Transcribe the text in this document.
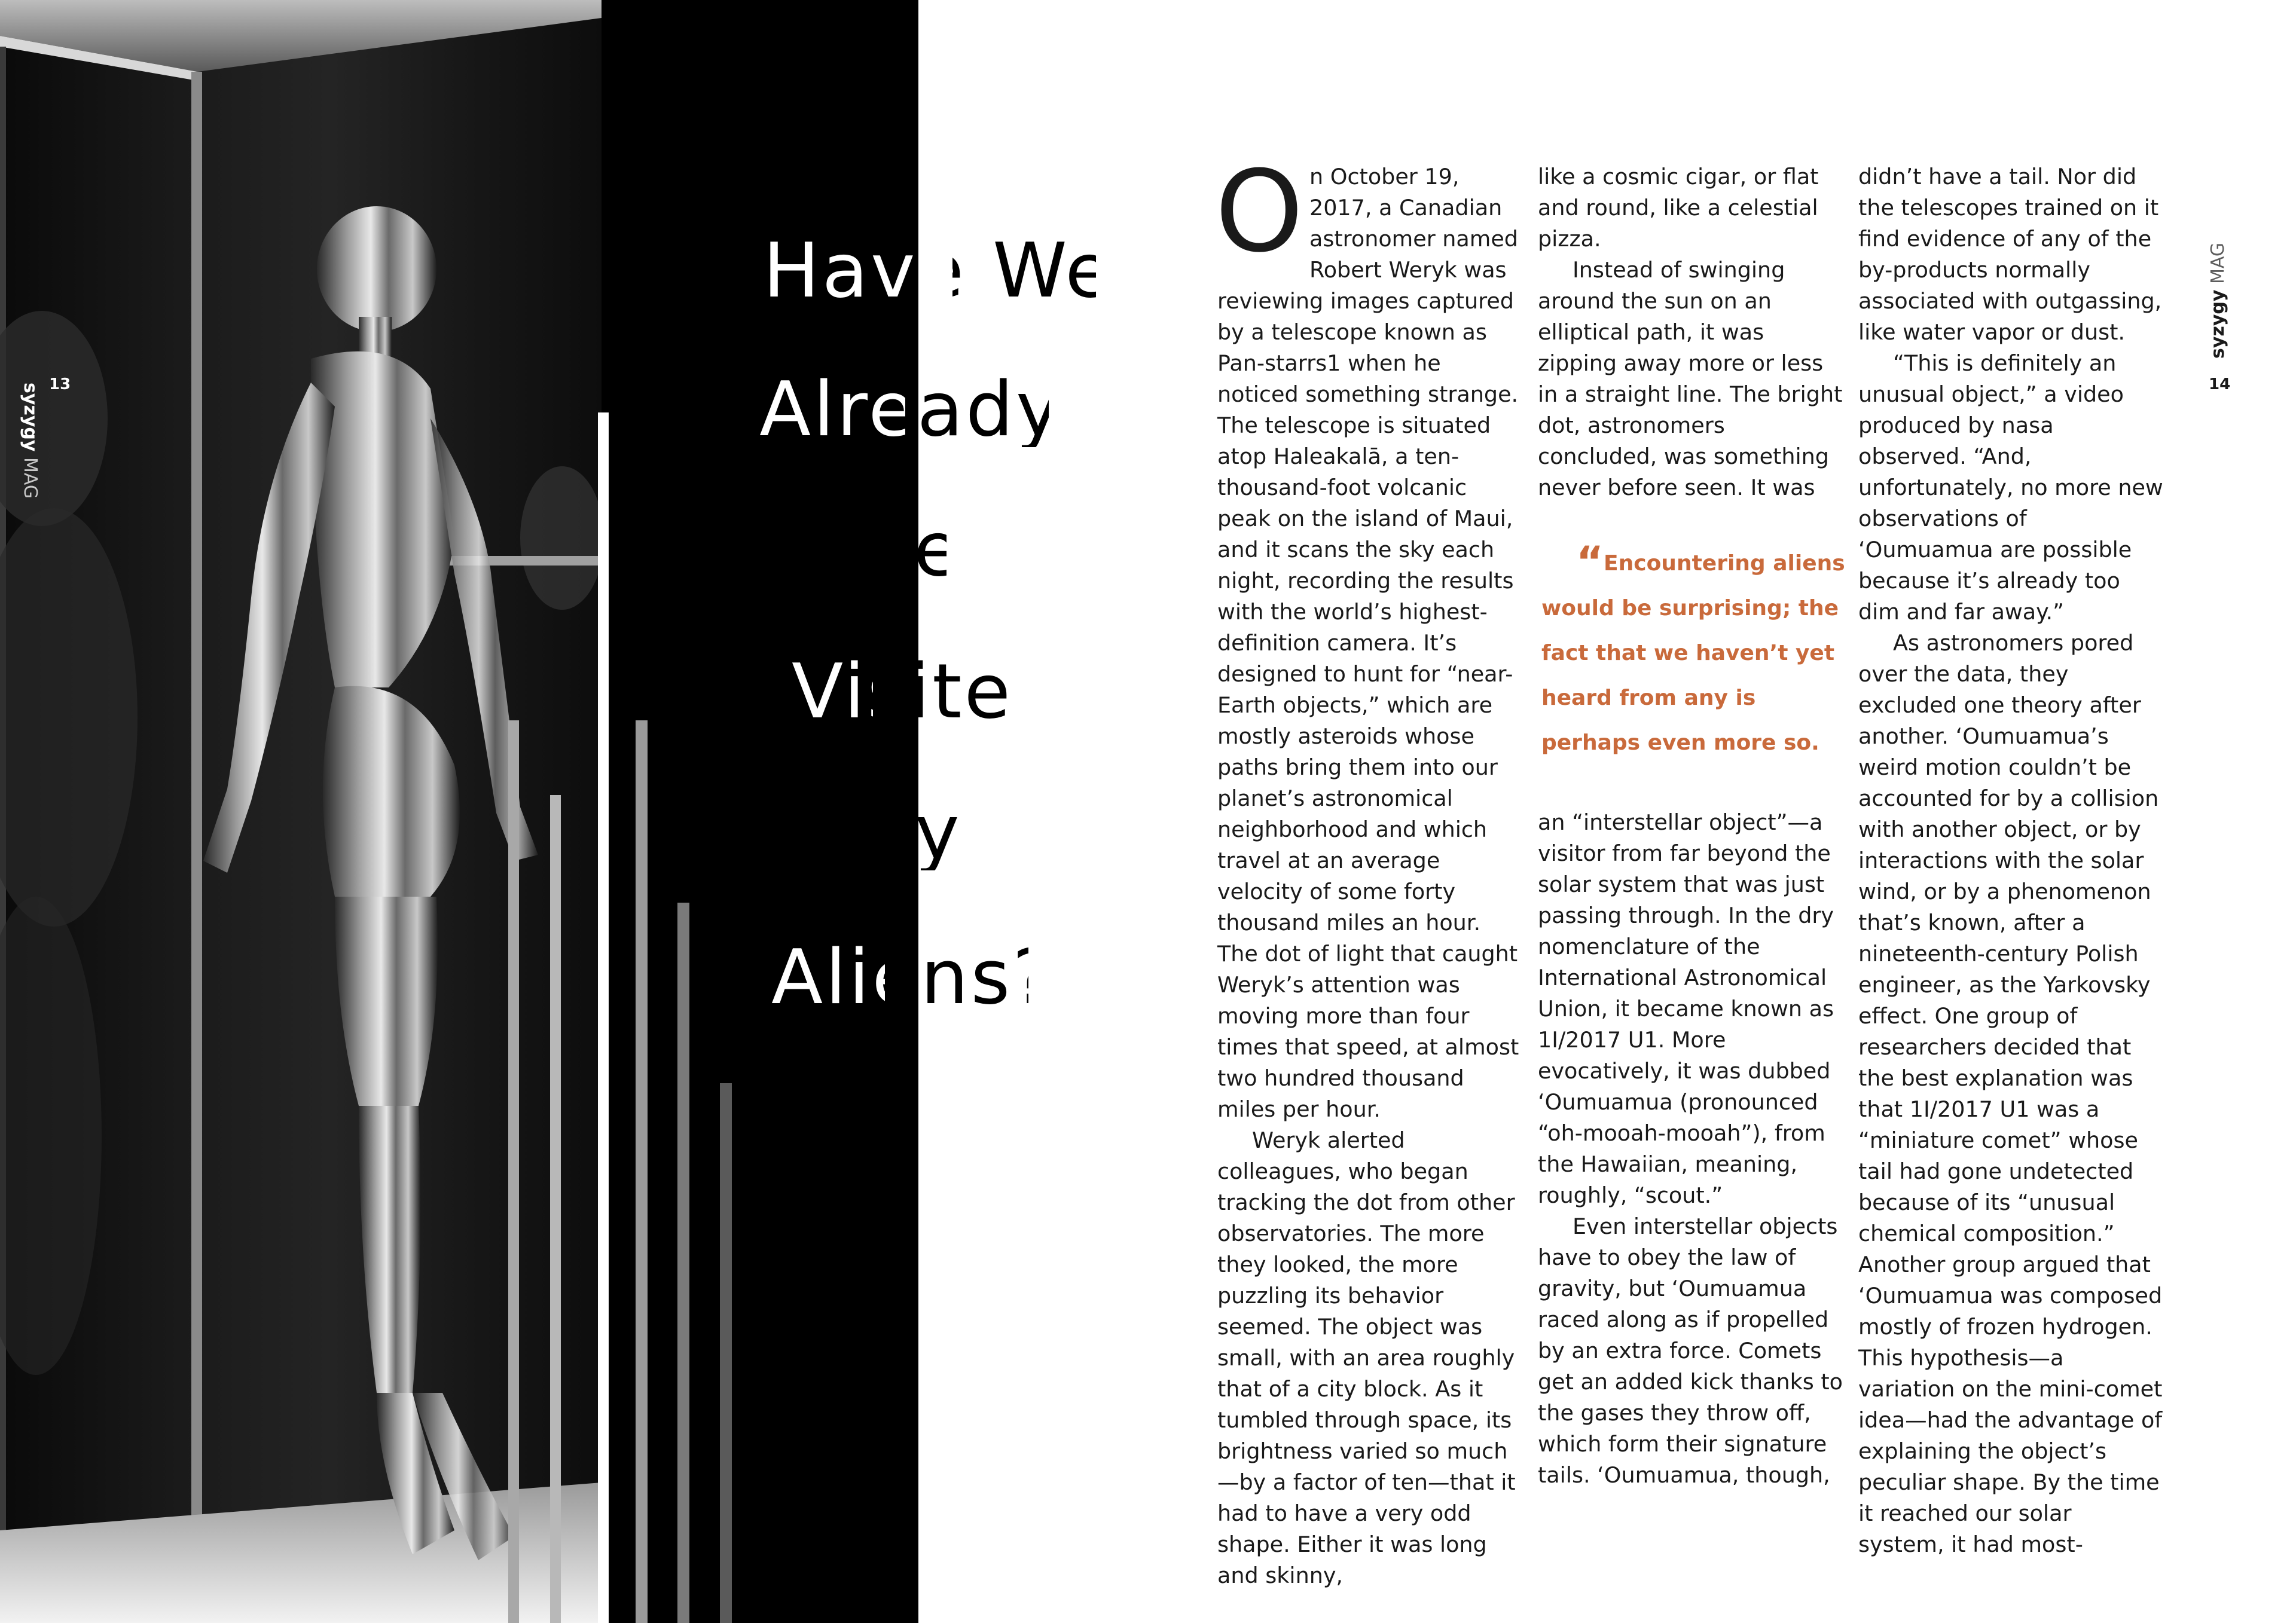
syzygy MAG
13
Have We
Already
Been
Visited
by
Aliens?
O n October 19, 2017, a Canadian astronomer named Robert Weryk was reviewing images captured by a telescope known as Pan-starrs1 when he noticed something strange. The telescope is situated atop Haleakalā, a ten-thousand-foot volcanic peak on the island of Maui, and it scans the sky each night, recording the results with the world’s highest-definition camera. It’s designed to hunt for “near-Earth objects,” which are mostly asteroids whose paths bring them into our planet’s astronomical neighborhood and which travel at an average velocity of some forty thousand miles an hour. The dot of light that caught Weryk’s attention was moving more than four times that speed, at almost two hundred thousand miles per hour.

Weryk alerted colleagues, who began tracking the dot from other observatories. The more they looked, the more puzzling its behavior seemed. The object was small, with an area roughly that of a city block. As it tumbled through space, its brightness varied so much—by a factor of ten—that it had to have a very odd shape. Either it was long and skinny,

like a cosmic cigar, or flat and round, like a celestial pizza.

Instead of swinging around the sun on an elliptical path, it was zipping away more or less in a straight line. The bright dot, astronomers concluded, was something never before seen. It was

“Encountering aliens would be surprising; the fact that we haven’t yet heard from any is perhaps even more so.

an “interstellar object”—a visitor from far beyond the solar system that was just passing through. In the dry nomenclature of the International Astronomical Union, it became known as 1I/2017 U1. More evocatively, it was dubbed ‘Oumuamua (pronounced “oh-mooah-mooah”), from the Hawaiian, meaning, roughly, “scout.”

Even interstellar objects have to obey the law of gravity, but ‘Oumuamua raced along as if propelled by an extra force. Comets get an added kick thanks to the gases they throw off, which form their signature tails. ‘Oumuamua, though,

didn’t have a tail. Nor did the telescopes trained on it find evidence of any of the by-products normally associated with outgassing, like water vapor or dust.

“This is definitely an unusual object,” a video produced by nasa observed. “And, unfortunately, no more new observations of ‘Oumuamua are possible because it’s already too dim and far away.”

As astronomers pored over the data, they excluded one theory after another. ‘Oumuamua’s weird motion couldn’t be accounted for by a collision with another object, or by interactions with the solar wind, or by a phenomenon that’s known, after a nineteenth-century Polish engineer, as the Yarkovsky effect. One group of researchers decided that the best explanation was that 1I/2017 U1 was a “miniature comet” whose tail had gone undetected because of its “unusual chemical composition.” Another group argued that ‘Oumuamua was composed mostly of frozen hydrogen. This hypothesis—a variation on the mini-comet idea—had the advantage of explaining the object’s peculiar shape. By the time it reached our solar system, it had most-

syzygy MAG
14
